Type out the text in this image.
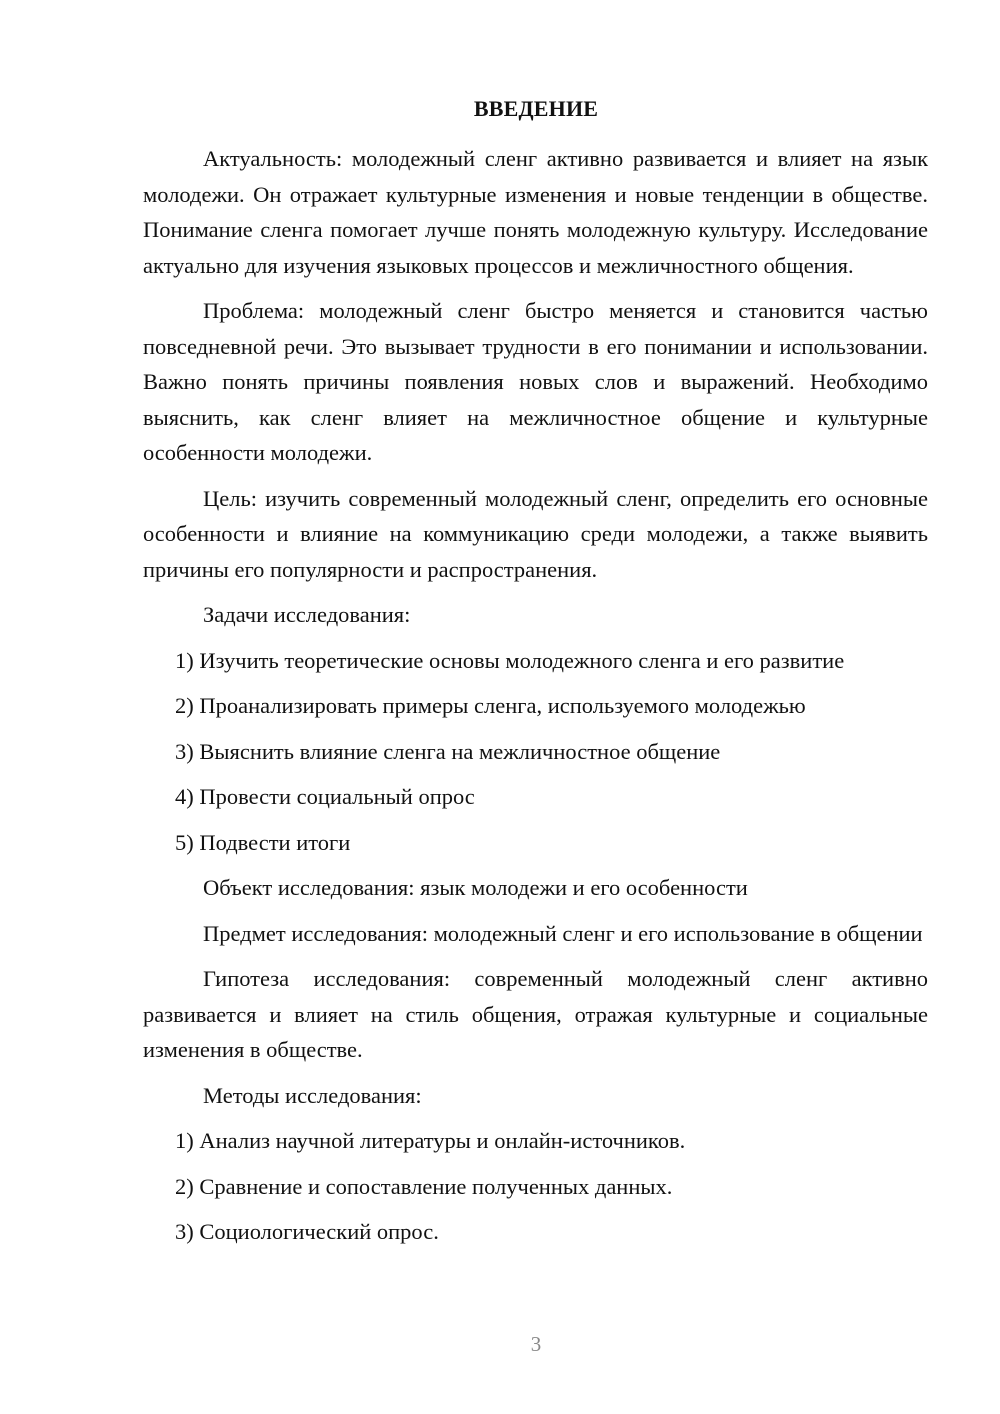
ВВЕДЕНИЕ

Актуальность: молодежный сленг активно развивается и влияет на язык молодежи. Он отражает культурные изменения и новые тенденции в обществе. Понимание сленга помогает лучше понять молодежную культуру. Исследование актуально для изучения языковых процессов и межличностного общения.

Проблема: молодежный сленг быстро меняется и становится частью повседневной речи. Это вызывает трудности в его понимании и использовании. Важно понять причины появления новых слов и выражений. Необходимо выяснить, как сленг влияет на межличностное общение и культурные особенности молодежи.

Цель: изучить современный молодежный сленг, определить его основные особенности и влияние на коммуникацию среди молодежи, а также выявить причины его популярности и распространения.

Задачи исследования:

1) Изучить теоретические основы молодежного сленга и его развитие

2) Проанализировать примеры сленга, используемого молодежью

3) Выяснить влияние сленга на межличностное общение

4) Провести социальный опрос

5) Подвести итоги

Объект исследования: язык молодежи и его особенности

Предмет исследования: молодежный сленг и его использование в общении

Гипотеза исследования: современный молодежный сленг активно развивается и влияет на стиль общения, отражая культурные и социальные изменения в обществе.

Методы исследования:

1) Анализ научной литературы и онлайн-источников.

2) Сравнение и сопоставление полученных данных.

3) Социологический опрос.

3
